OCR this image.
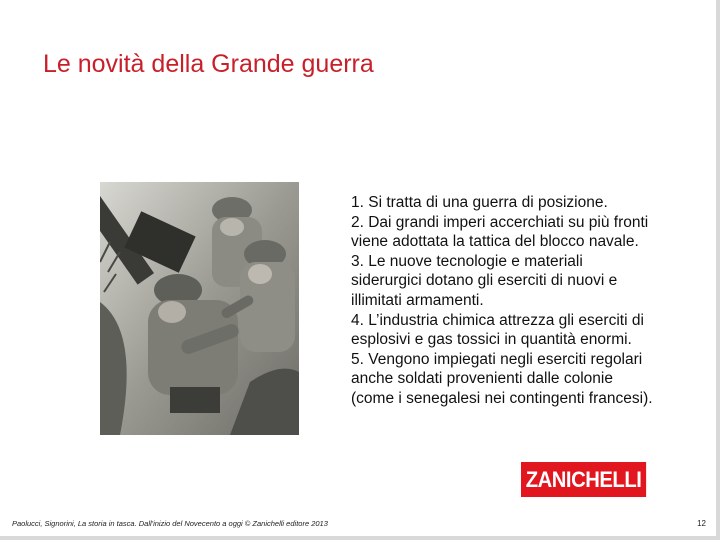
Le novità della Grande guerra
1. Si tratta di una guerra di posizione.
2. Dai grandi imperi accerchiati su più fronti
viene adottata la tattica del blocco navale.
3. Le nuove tecnologie e materiali
siderurgici dotano gli eserciti di nuovi e
illimitati armamenti.
4. L’industria chimica attrezza gli eserciti di
esplosivi e gas tossici in quantità enormi.
5. Vengono impiegati negli eserciti regolari
anche soldati provenienti dalle colonie
(come i senegalesi nei contingenti francesi).
ZANICHELLI
Paolucci, Signorini, La storia in tasca. Dall'inizio del Novecento a oggi © Zanichelli editore 2013	12
